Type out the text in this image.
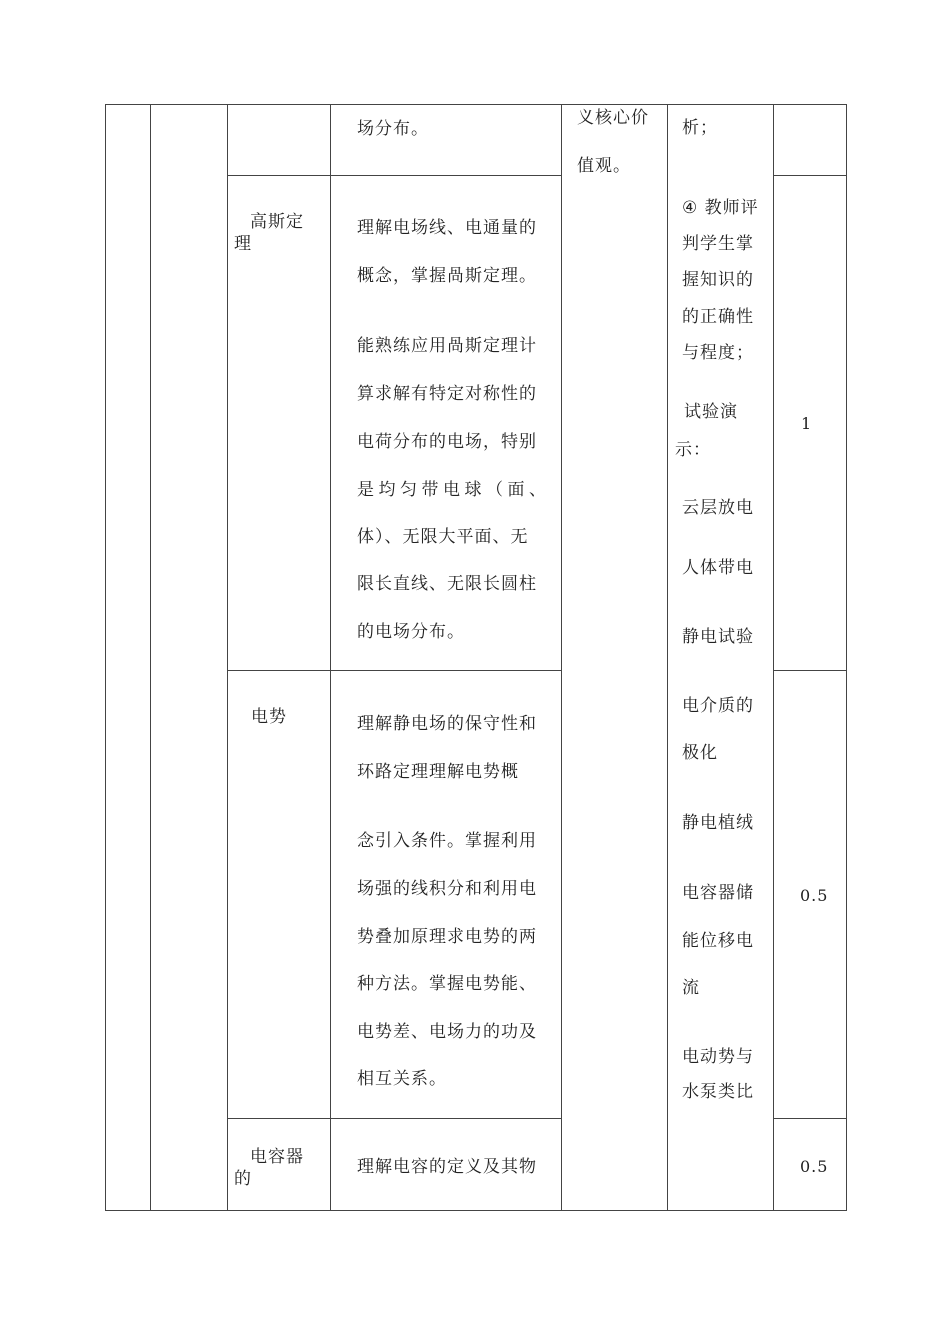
场分布。
高斯定
理
理解电场线、电通量的
概念，掌握咼斯定理。
能熟练应用咼斯定理计
算求解有特定对称性的
电荷分布的电场，特别
是均匀带电球（面、
体）、无限大平面、无
限长直线、无限长圆柱
的电场分布。
1
电势	理解静电场的保守性和
环路定理理解电势概
念引入条件。掌握利用
场强的线积分和利用电
势叠加原理求电势的两
种方法。掌握电势能、
电势差、电场力的功及
相互关系。
0.5
电容器
的
理解电容的定义及其物	0.5
义核心价
值观。
析；
④ 教师评
判学生掌
握知识的
的正确性
与程度；
试验演
示：
云层放电
人体带电
静电试验
电介质的
极化
静电植绒
电容器储
能位移电
流
电动势与
水泵类比
